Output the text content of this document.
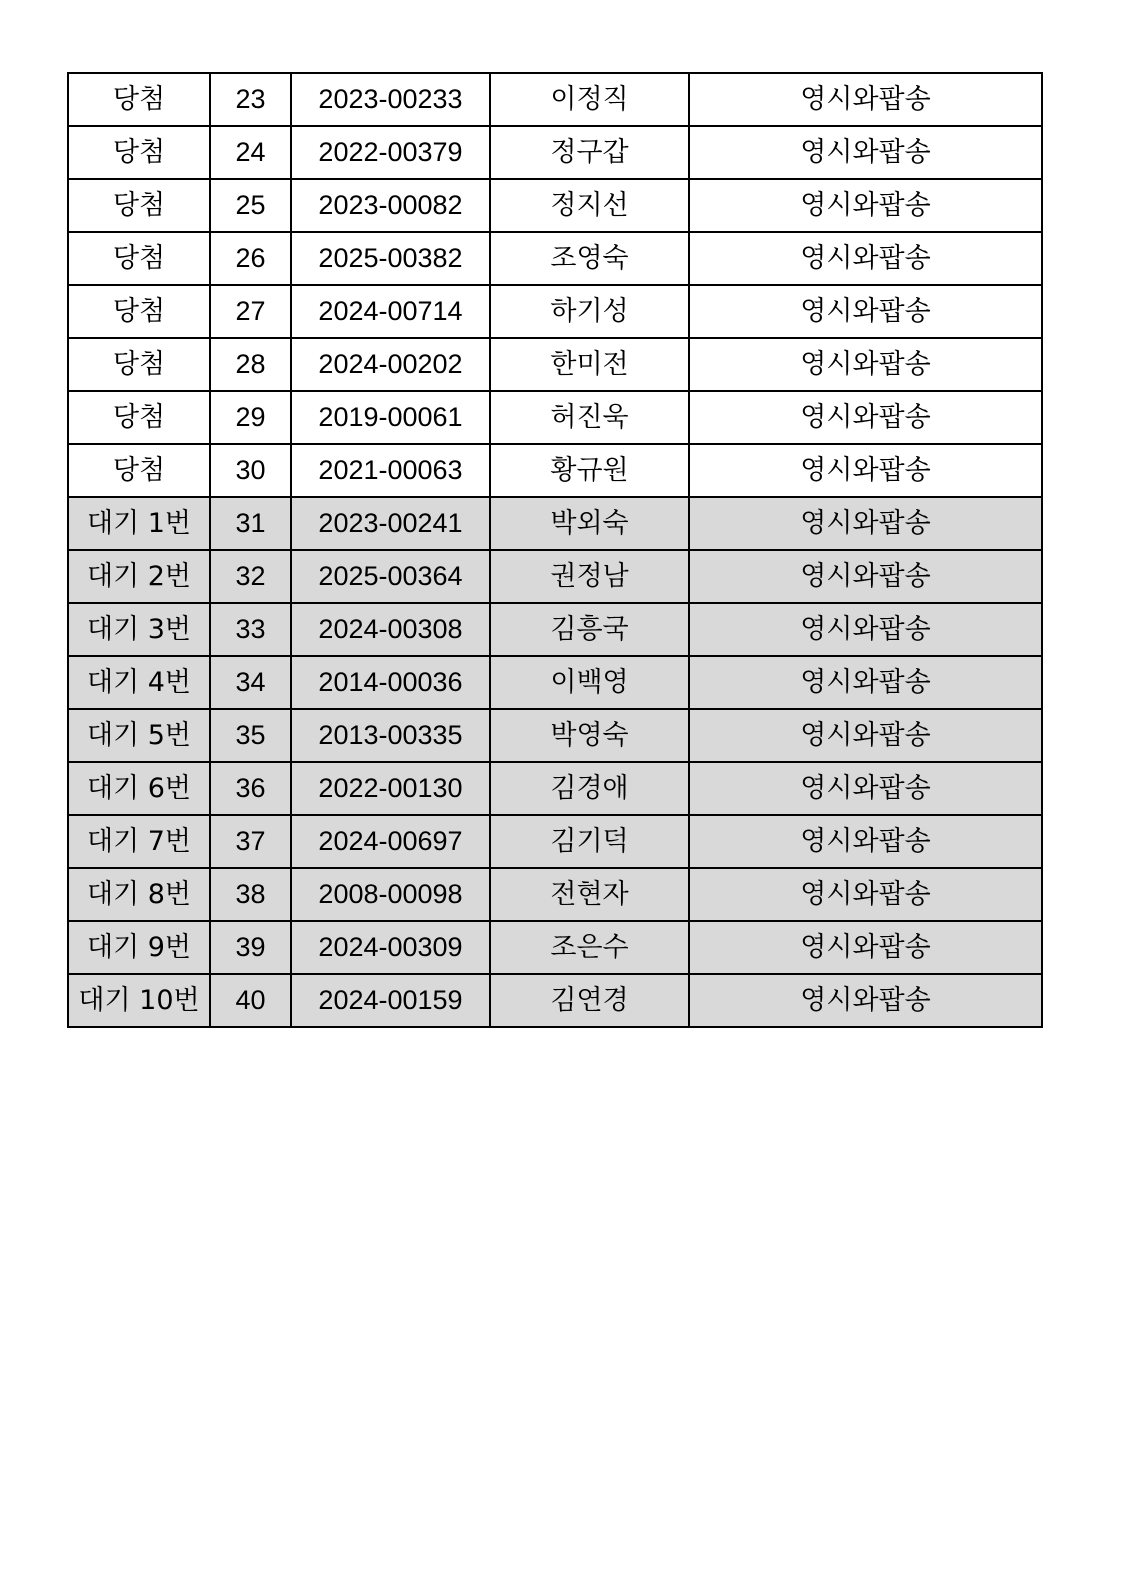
당첨	23	2023-00233	이정직	영시와팝송
당첨	24	2022-00379	정구갑	영시와팝송
당첨	25	2023-00082	정지선	영시와팝송
당첨	26	2025-00382	조영숙	영시와팝송
당첨	27	2024-00714	하기성	영시와팝송
당첨	28	2024-00202	한미전	영시와팝송
당첨	29	2019-00061	허진욱	영시와팝송
당첨	30	2021-00063	황규원	영시와팝송
대기 1번	31	2023-00241	박외숙	영시와팝송
대기 2번	32	2025-00364	권정남	영시와팝송
대기 3번	33	2024-00308	김흥국	영시와팝송
대기 4번	34	2014-00036	이백영	영시와팝송
대기 5번	35	2013-00335	박영숙	영시와팝송
대기 6번	36	2022-00130	김경애	영시와팝송
대기 7번	37	2024-00697	김기덕	영시와팝송
대기 8번	38	2008-00098	전현자	영시와팝송
대기 9번	39	2024-00309	조은수	영시와팝송
대기 10번	40	2024-00159	김연경	영시와팝송
